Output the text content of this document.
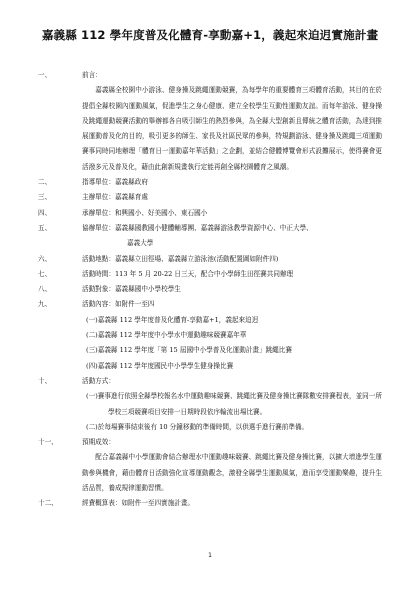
嘉義縣 112 學年度普及化體育-享動嘉+1，義起來迫迌實施計畫
一、	前言：
嘉義縣全校園中小游泳、健身操及跳繩運動競賽，為每學年的重要體育三項體育活動，其目的在於提倡全縣校園內運動風氣，促進學生之身心健康、建立全校學生互動性運動友誼。而每年游泳、健身操及跳繩運動競賽活動的舉辦都各自吸引師生的熱烈參與，為全縣大型創新且傳統之體育活動，為達到推展運動普及化的目的，吸引更多的師生、家長及社區民眾的參與，特規劃游泳、健身操及跳繩三項運動賽事同時同地辦理「體育日一運動嘉年華活動」之企劃，並結合健體博覽會形式設攤展示，使得賽會更活潑多元及普及化，藉由此創新規畫執行定能再創全縣校園體育之風潮。
二、	指導單位：嘉義縣政府
三、	主辦單位：嘉義縣育處
四、	承辦單位：和興國小、好美國小、東石國小
五、	協辦單位：嘉義縣國教國小健體輔導團、嘉義縣游泳教學資源中心、中正大學、
嘉義大學
六、	活動地點：嘉義縣立田徑場、嘉義縣立游泳池(活動配置圖如附件四)
七、	活動時間：113 年 5 月 20-22 日三天，配合中小學師生田徑賽共同辦理
八、	活動對象：嘉義縣國中小學校學生
九、	活動內容：如附件一至四
(一)嘉義縣 112 學年度普及化體育-享動嘉+1，義起來迫迌
(二)嘉義縣 112 學年度中小學水中運動趣味競賽嘉年華
(三)嘉義縣 112 學年度「第 15 屆國中小學普及化運動計畫」跳繩比賽
(四)嘉義縣 112 學年度國民中小學學生健身操比賽
十、	活動方式：
(一)賽事進行依照全縣學校報名水中運動趣味競賽、跳繩比賽及健身操比賽隊數安排賽程表，並同一所學校三項競賽項目安排一日期時段依序輪流出場比賽。
(二)於每場賽事結束後有 10 分鐘移動的準備時間，以供選手進行賽前準備。
十一、	預期成效：
配合嘉義縣中小學運動會結合辦理水中運動趣味競賽、跳繩比賽及健身操比賽，以擴大增進學生運動參與機會，藉由體育日活動強化宣導運動觀念，激發全縣學生運動風氣，進而享受運動樂趣，提升生活品質，養成規律運動習慣。
十二、	經費概算表：如附件一至四實施計畫。
1
